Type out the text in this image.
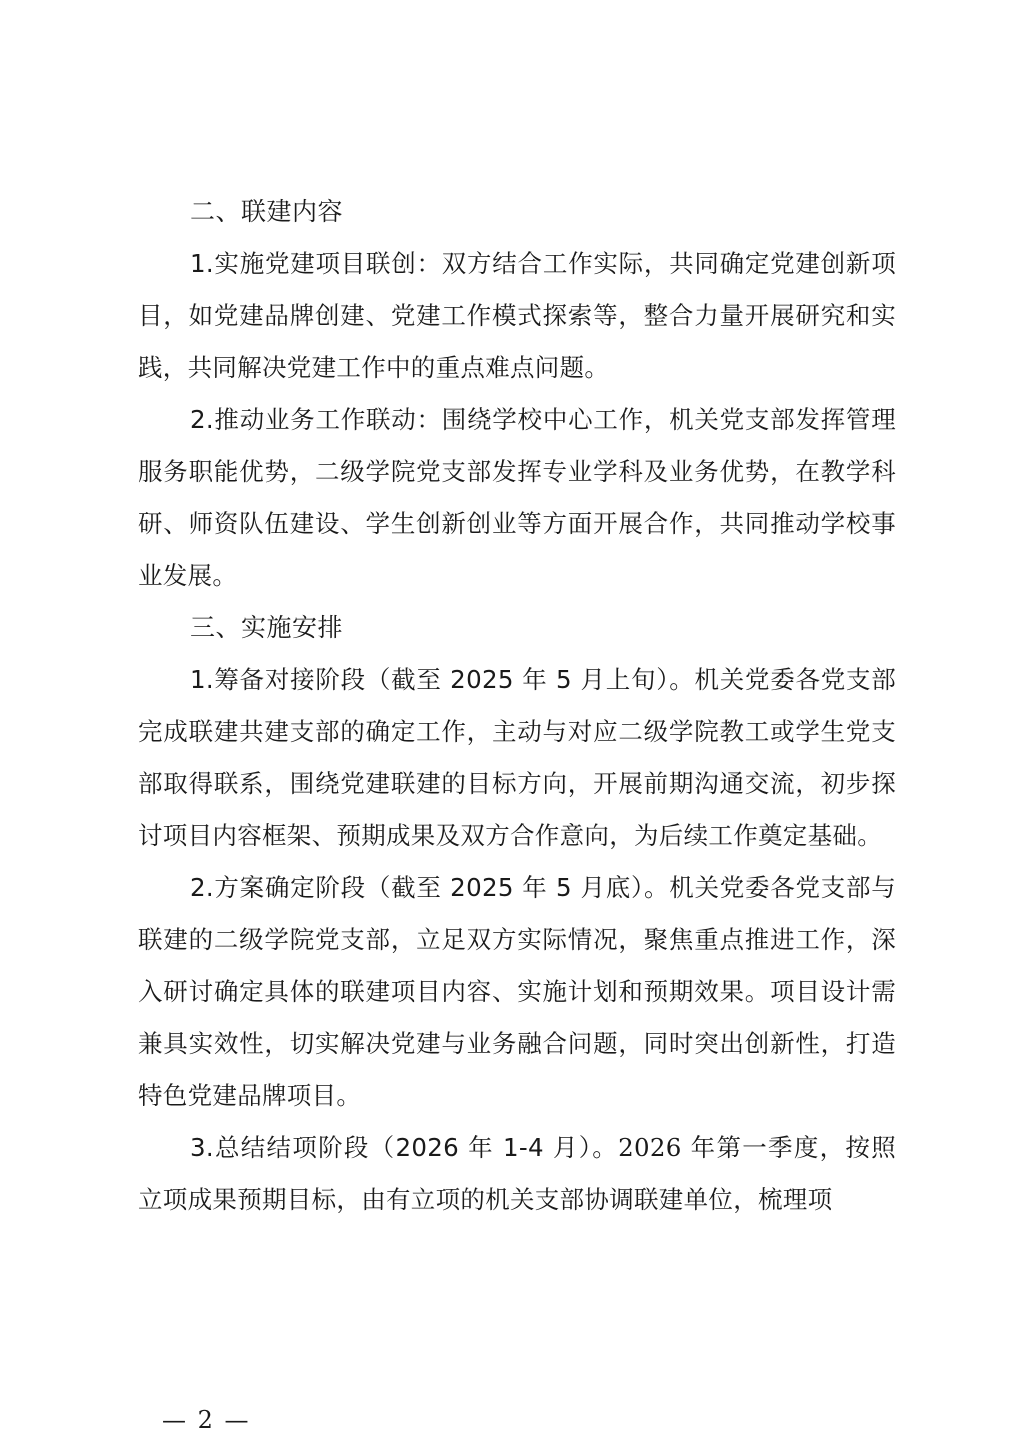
二、联建内容

1.实施党建项目联创：双方结合工作实际，共同确定党建创新项目，如党建品牌创建、党建工作模式探索等，整合力量开展研究和实践，共同解决党建工作中的重点难点问题。

2.推动业务工作联动：围绕学校中心工作，机关党支部发挥管理服务职能优势，二级学院党支部发挥专业学科及业务优势，在教学科研、师资队伍建设、学生创新创业等方面开展合作，共同推动学校事业发展。

三、实施安排

1.筹备对接阶段（截至 2025 年 5 月上旬）。机关党委各党支部完成联建共建支部的确定工作，主动与对应二级学院教工或学生党支部取得联系，围绕党建联建的目标方向，开展前期沟通交流，初步探讨项目内容框架、预期成果及双方合作意向，为后续工作奠定基础。

2.方案确定阶段（截至 2025 年 5 月底）。机关党委各党支部与联建的二级学院党支部，立足双方实际情况，聚焦重点推进工作，深入研讨确定具体的联建项目内容、实施计划和预期效果。项目设计需兼具实效性，切实解决党建与业务融合问题，同时突出创新性，打造特色党建品牌项目。

3.总结结项阶段（2026 年 1-4 月）。2026 年第一季度，按照立项成果预期目标，由有立项的机关支部协调联建单位，梳理项

— 2 —
